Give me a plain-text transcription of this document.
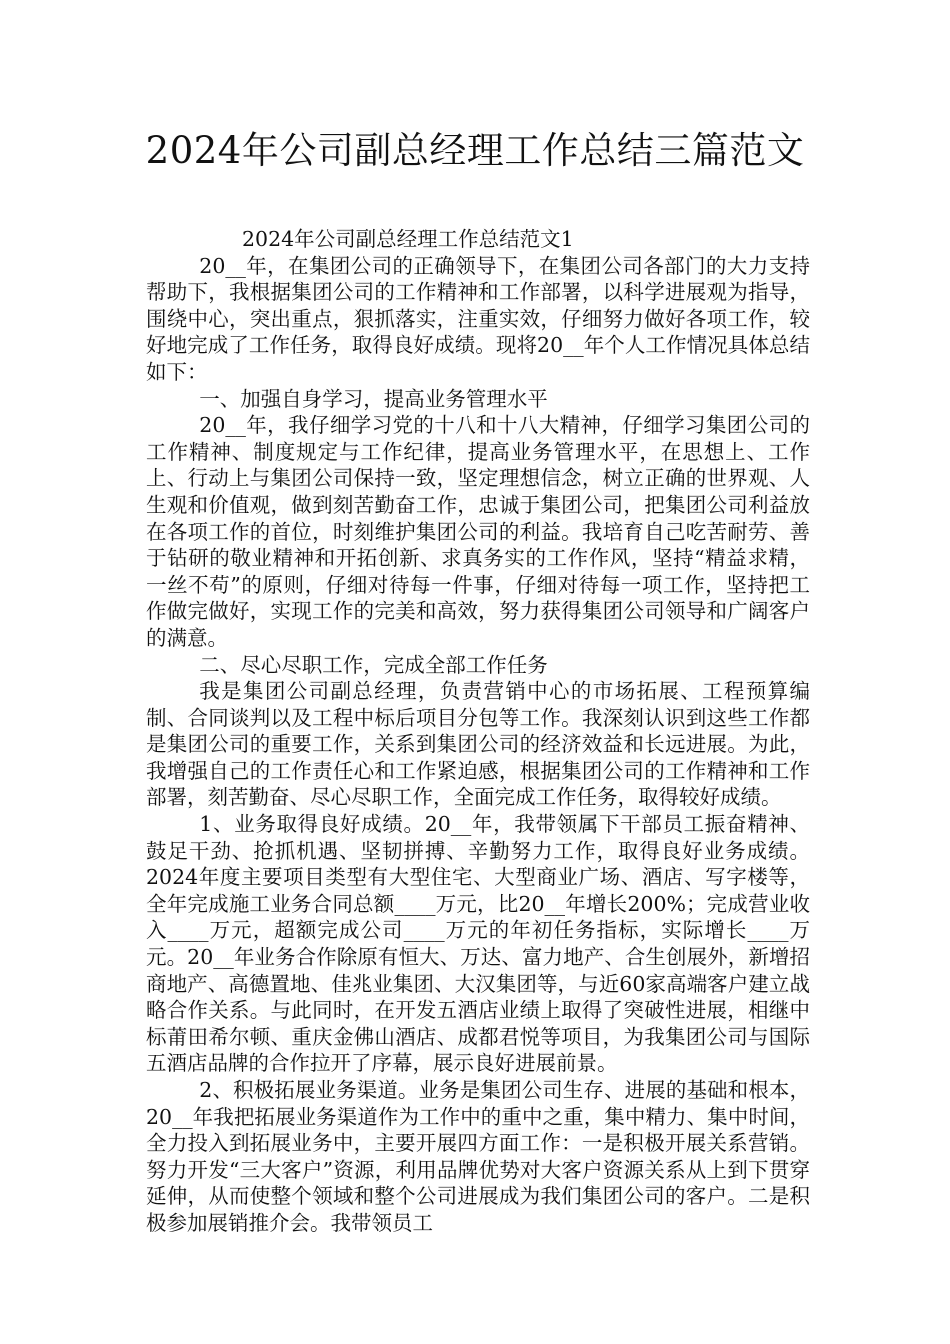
2024年公司副总经理工作总结三篇范文
2024年公司副总经理工作总结范文1

20__年，在集团公司的正确领导下，在集团公司各部门的大力支持帮助下，我根据集团公司的工作精神和工作部署，以科学进展观为指导，围绕中心，突出重点，狠抓落实，注重实效，仔细努力做好各项工作，较好地完成了工作任务，取得良好成绩。现将20__年个人工作情况具体总结如下：

一、加强自身学习，提高业务管理水平

20__年，我仔细学习党的十八和十八大精神，仔细学习集团公司的工作精神、制度规定与工作纪律，提高业务管理水平，在思想上、工作上、行动上与集团公司保持一致，坚定理想信念，树立正确的世界观、人生观和价值观，做到刻苦勤奋工作，忠诚于集团公司，把集团公司利益放在各项工作的首位，时刻维护集团公司的利益。我培育自己吃苦耐劳、善于钻研的敬业精神和开拓创新、求真务实的工作作风，坚持“精益求精，一丝不苟”的原则，仔细对待每一件事，仔细对待每一项工作，坚持把工作做完做好，实现工作的完美和高效，努力获得集团公司领导和广阔客户的满意。

二、尽心尽职工作，完成全部工作任务

我是集团公司副总经理，负责营销中心的市场拓展、工程预算编制、合同谈判以及工程中标后项目分包等工作。我深刻认识到这些工作都是集团公司的重要工作，关系到集团公司的经济效益和长远进展。为此，我增强自己的工作责任心和工作紧迫感，根据集团公司的工作精神和工作部署，刻苦勤奋、尽心尽职工作，全面完成工作任务，取得较好成绩。

1、业务取得良好成绩。20__年，我带领属下干部员工振奋精神、鼓足干劲、抢抓机遇、坚韧拼搏、辛勤努力工作，取得良好业务成绩。2024年度主要项目类型有大型住宅、大型商业广场、酒店、写字楼等，全年完成施工业务合同总额____万元，比20__年增长200%；完成营业收入____万元，超额完成公司____万元的年初任务指标，实际增长____万元。20__年业务合作除原有恒大、万达、富力地产、合生创展外，新增招商地产、高德置地、佳兆业集团、大汉集团等，与近60家高端客户建立战略合作关系。与此同时，在开发五酒店业绩上取得了突破性进展，相继中标莆田希尔顿、重庆金佛山酒店、成都君悦等项目，为我集团公司与国际五酒店品牌的合作拉开了序幕，展示良好进展前景。

2、积极拓展业务渠道。业务是集团公司生存、进展的基础和根本，20__年我把拓展业务渠道作为工作中的重中之重，集中精力、集中时间，全力投入到拓展业务中，主要开展四方面工作：一是积极开展关系营销。努力开发“三大客户”资源，利用品牌优势对大客户资源关系从上到下贯穿延伸，从而使整个领域和整个公司进展成为我们集团公司的客户。二是积极参加展销推介会。我带领员工
